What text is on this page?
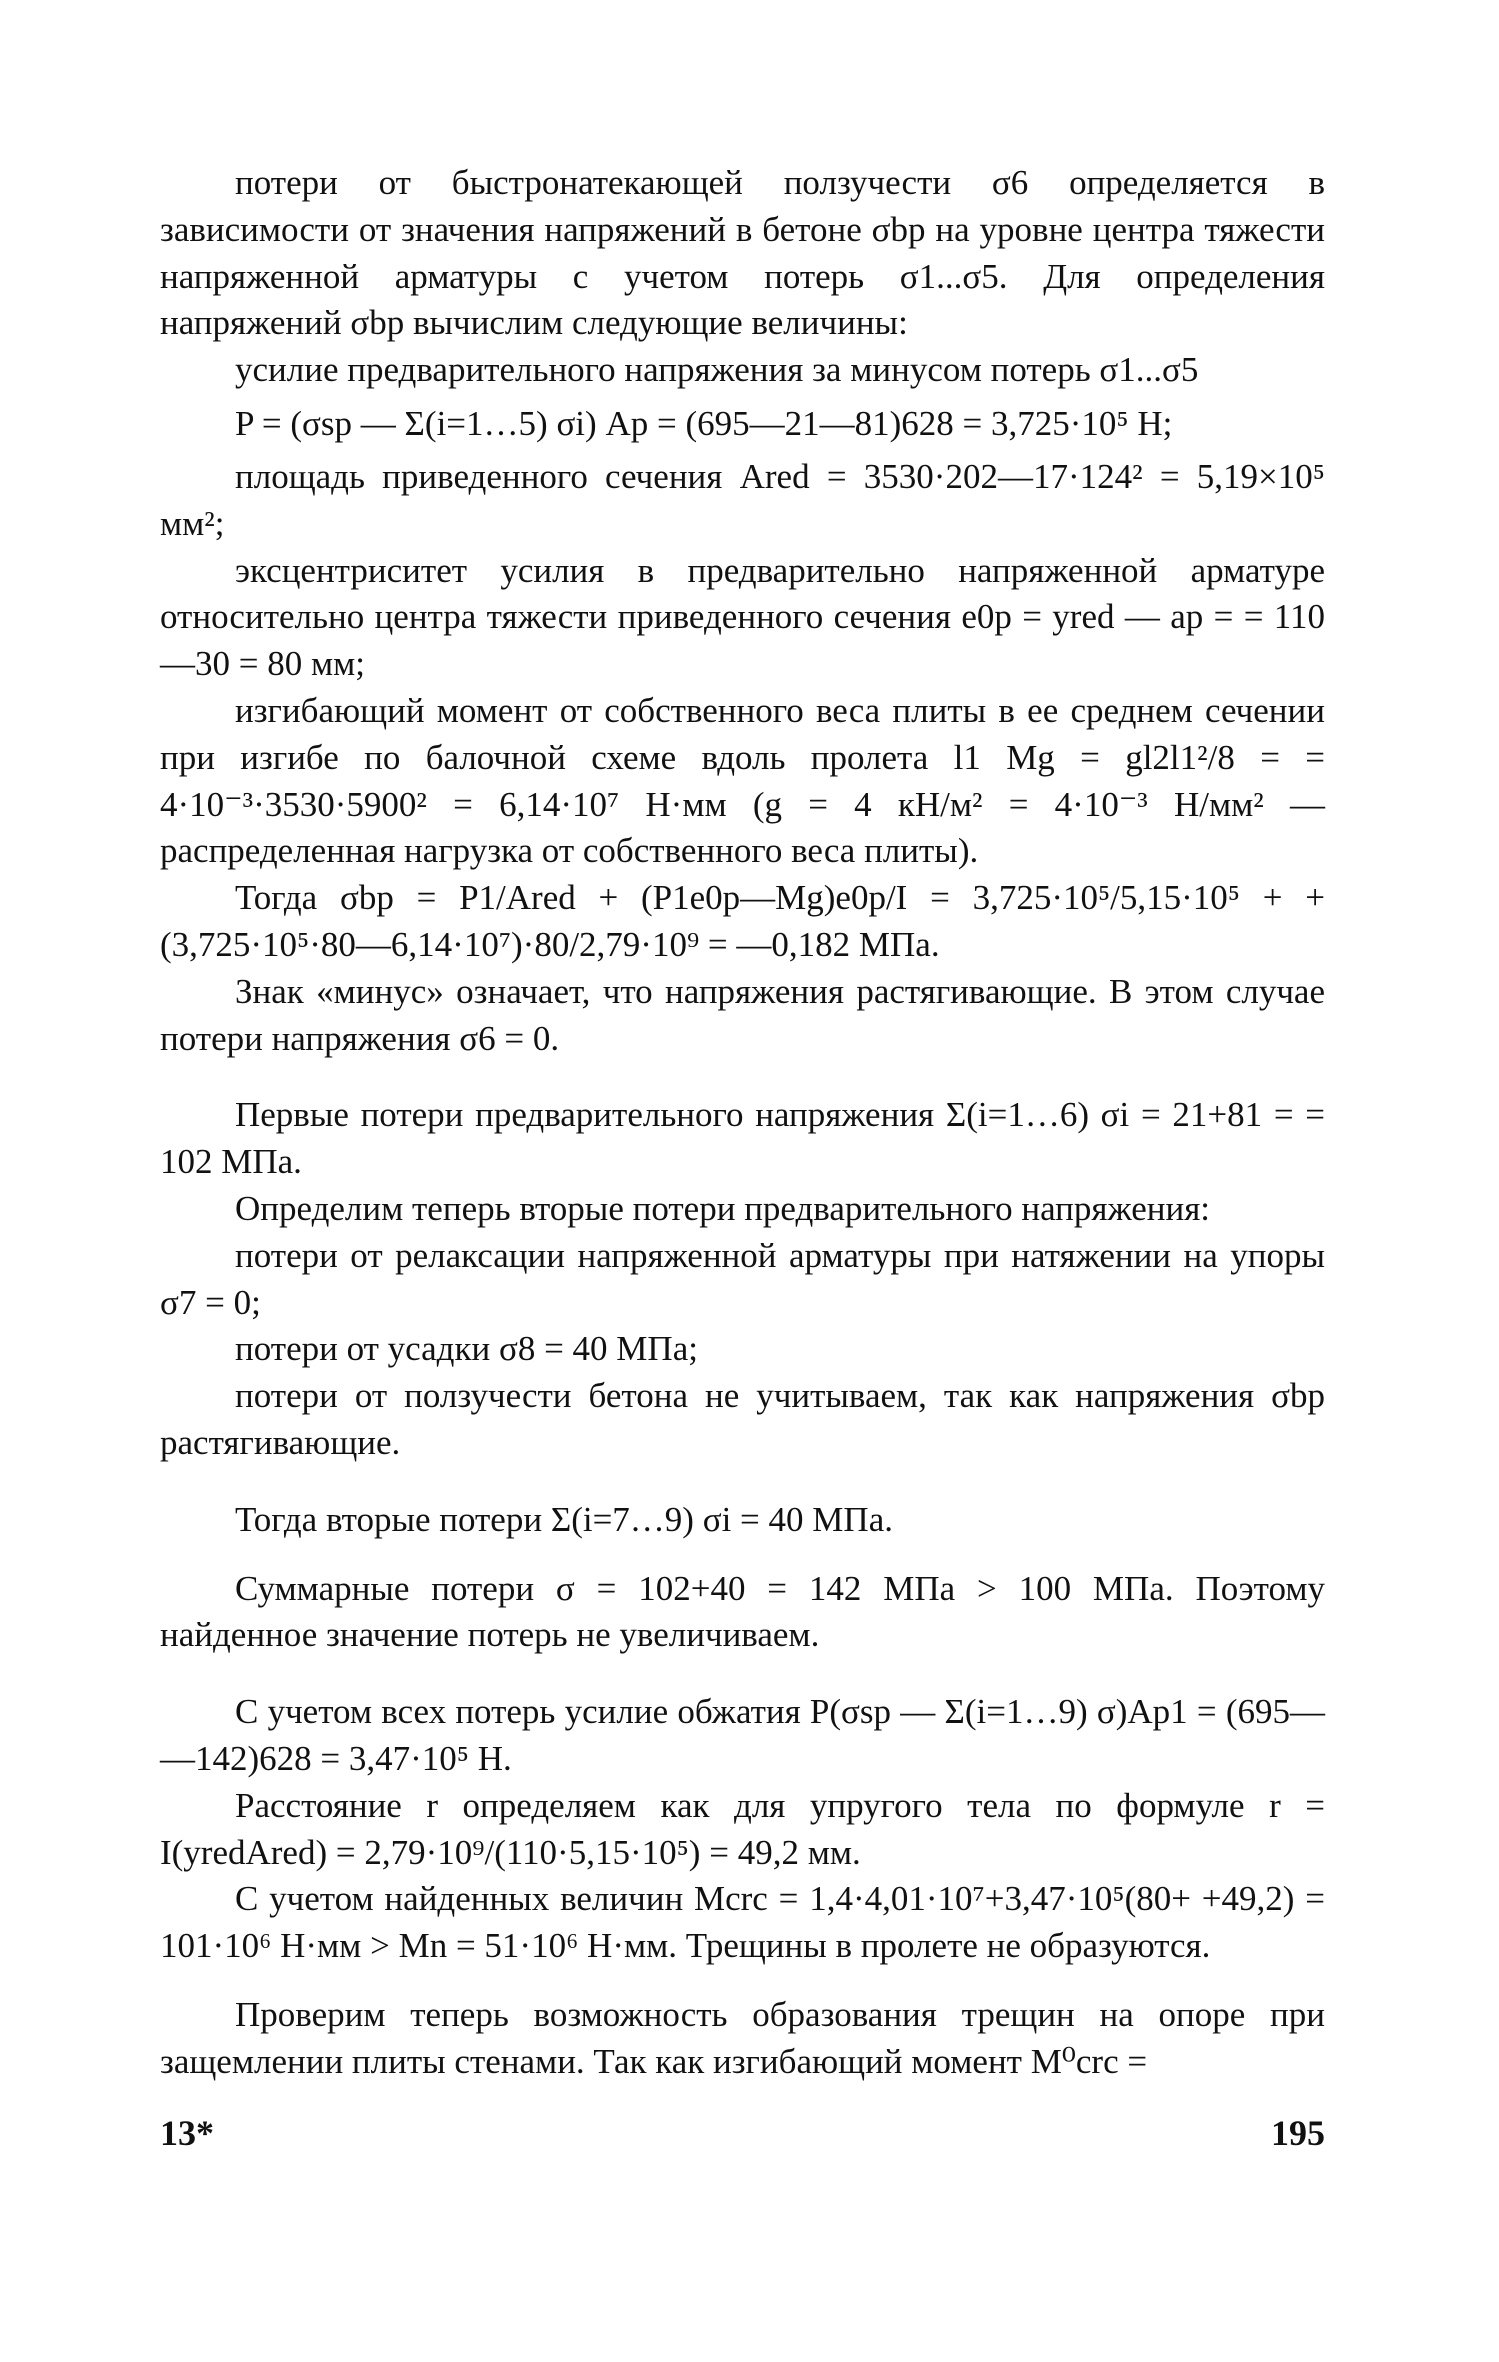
потери от быстронатекающей ползучести σ6 определяется в зависимости от значения напряжений в бетоне σbp на уровне центра тяжести напряженной арматуры с учетом потерь σ1...σ5. Для определения напряжений σbp вычислим следующие величины:

усилие предварительного напряжения за минусом потерь σ1...σ5

P = (σsp — Σ(i=1…5) σi) Ap = (695—21—81)628 = 3,725·10⁵ Н;

площадь приведенного сечения Ared = 3530·202—17·124² = 5,19×10⁵ мм²;

эксцентриситет усилия в предварительно напряженной арматуре относительно центра тяжести приведенного сечения e0p = yred — ap = = 110—30 = 80 мм;

изгибающий момент от собственного веса плиты в ее среднем сечении при изгибе по балочной схеме вдоль пролета l1 Mg = gl2l1²/8 = = 4·10⁻³·3530·5900² = 6,14·10⁷ Н·мм (g = 4 кН/м² = 4·10⁻³ Н/мм² — распределенная нагрузка от собственного веса плиты).

Тогда σbp = P1/Ared + (P1e0p—Mg)e0p/I = 3,725·10⁵/5,15·10⁵ + + (3,725·10⁵·80—6,14·10⁷)·80/2,79·10⁹ = —0,182 МПа.

Знак «минус» означает, что напряжения растягивающие. В этом случае потери напряжения σ6 = 0.

Первые потери предварительного напряжения Σ(i=1…6) σi = 21+81 = = 102 МПа.

Определим теперь вторые потери предварительного напряжения:

потери от релаксации напряженной арматуры при натяжении на упоры σ7 = 0;

потери от усадки σ8 = 40 МПа;

потери от ползучести бетона не учитываем, так как напряжения σbp растягивающие.

Тогда вторые потери Σ(i=7…9) σi = 40 МПа.

Суммарные потери σ = 102+40 = 142 МПа > 100 МПа. Поэтому найденное значение потерь не увеличиваем.

С учетом всех потерь усилие обжатия P(σsp — Σ(i=1…9) σ)Ap1 = (695— —142)628 = 3,47·10⁵ Н.

Расстояние r определяем как для упругого тела по формуле r = I(yredAred) = 2,79·10⁹/(110·5,15·10⁵) = 49,2 мм.

С учетом найденных величин Mcrc = 1,4·4,01·10⁷+3,47·10⁵(80+ +49,2) = 101·10⁶ Н·мм > Mn = 51·10⁶ Н·мм. Трещины в пролете не образуются.

Проверим теперь возможность образования трещин на опоре при защемлении плиты стенами. Так как изгибающий момент M⁰crc =

13*	195
